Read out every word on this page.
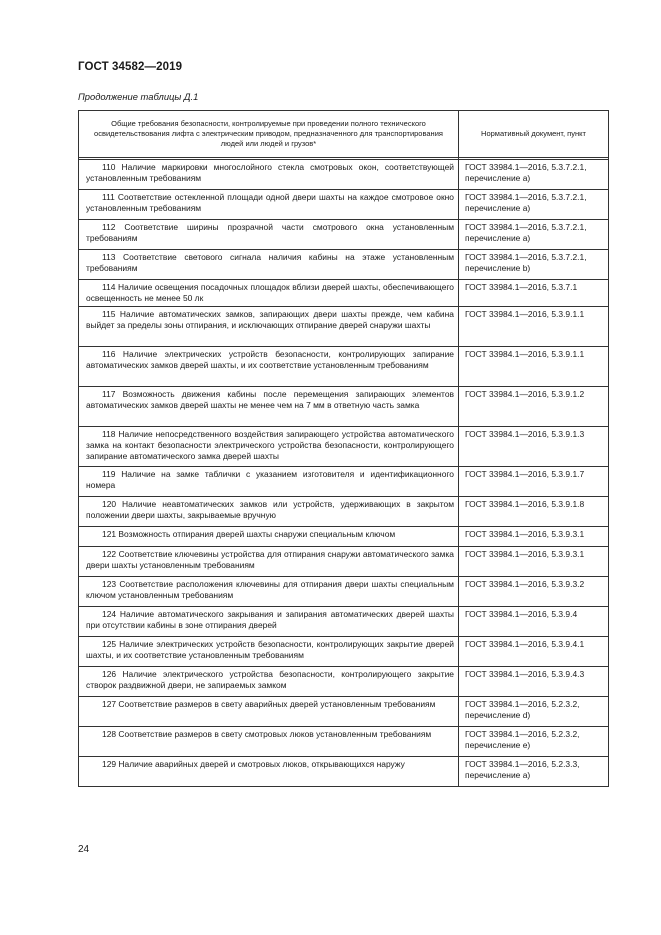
ГОСТ 34582—2019
Продолжение таблицы Д.1
Общие требования безопасности, контролируемые при проведении полного технического освидетельствования лифта с электрическим приводом, предназначенного для транспортирования людей или людей и грузов*	Нормативный документ, пункт

110 Наличие маркировки многослойного стекла смотровых окон, соответствующей установленным требованиям	ГОСТ 33984.1—2016, 5.3.7.2.1, перечисление а)
111 Соответствие остекленной площади одной двери шахты на каждое смотровое окно установленным требованиям	ГОСТ 33984.1—2016, 5.3.7.2.1, перечисление а)
112 Соответствие ширины прозрачной части смотрового окна установленным требованиям	ГОСТ 33984.1—2016, 5.3.7.2.1, перечисление а)
113 Соответствие светового сигнала наличия кабины на этаже установленным требованиям	ГОСТ 33984.1—2016, 5.3.7.2.1, перечисление b)
114 Наличие освещения посадочных площадок вблизи дверей шахты, обеспечивающего освещенность не менее 50 лк	ГОСТ 33984.1—2016, 5.3.7.1
115 Наличие автоматических замков, запирающих двери шахты прежде, чем кабина выйдет за пределы зоны отпирания, и исключающих отпирание дверей снаружи шахты	ГОСТ 33984.1—2016, 5.3.9.1.1
116 Наличие электрических устройств безопасности, контролирующих запирание автоматических замков дверей шахты, и их соответствие установленным требованиям	ГОСТ 33984.1—2016, 5.3.9.1.1
117 Возможность движения кабины после перемещения запирающих элементов автоматических замков дверей шахты не менее чем на 7 мм в ответную часть замка	ГОСТ 33984.1—2016, 5.3.9.1.2
118 Наличие непосредственного воздействия запирающего устройства автоматического замка на контакт безопасности электрического устройства безопасности, контролирующего запирание автоматического замка дверей шахты	ГОСТ 33984.1—2016, 5.3.9.1.3
119 Наличие на замке таблички с указанием изготовителя и идентификационного номера	ГОСТ 33984.1—2016, 5.3.9.1.7
120 Наличие неавтоматических замков или устройств, удерживающих в закрытом положении двери шахты, закрываемые вручную	ГОСТ 33984.1—2016, 5.3.9.1.8
121 Возможность отпирания дверей шахты снаружи специальным ключом	ГОСТ 33984.1—2016, 5.3.9.3.1
122 Соответствие ключевины устройства для отпирания снаружи автоматического замка двери шахты установленным требованиям	ГОСТ 33984.1—2016, 5.3.9.3.1
123 Соответствие расположения ключевины для отпирания двери шахты специальным ключом установленным требованиям	ГОСТ 33984.1—2016, 5.3.9.3.2
124 Наличие автоматического закрывания и запирания автоматических дверей шахты при отсутствии кабины в зоне отпирания дверей	ГОСТ 33984.1—2016, 5.3.9.4
125 Наличие электрических устройств безопасности, контролирующих закрытие дверей шахты, и их соответствие установленным требованиям	ГОСТ 33984.1—2016, 5.3.9.4.1
126 Наличие электрического устройства безопасности, контролирующего закрытие створок раздвижной двери, не запираемых замком	ГОСТ 33984.1—2016, 5.3.9.4.3
127 Соответствие размеров в свету аварийных дверей установленным требованиям	ГОСТ 33984.1—2016, 5.2.3.2, перечисление d)
128 Соответствие размеров в свету смотровых люков установленным требованиям	ГОСТ 33984.1—2016, 5.2.3.2, перечисление е)
129 Наличие аварийных дверей и смотровых люков, открывающихся наружу	ГОСТ 33984.1—2016, 5.2.3.3, перечисление а)
24
